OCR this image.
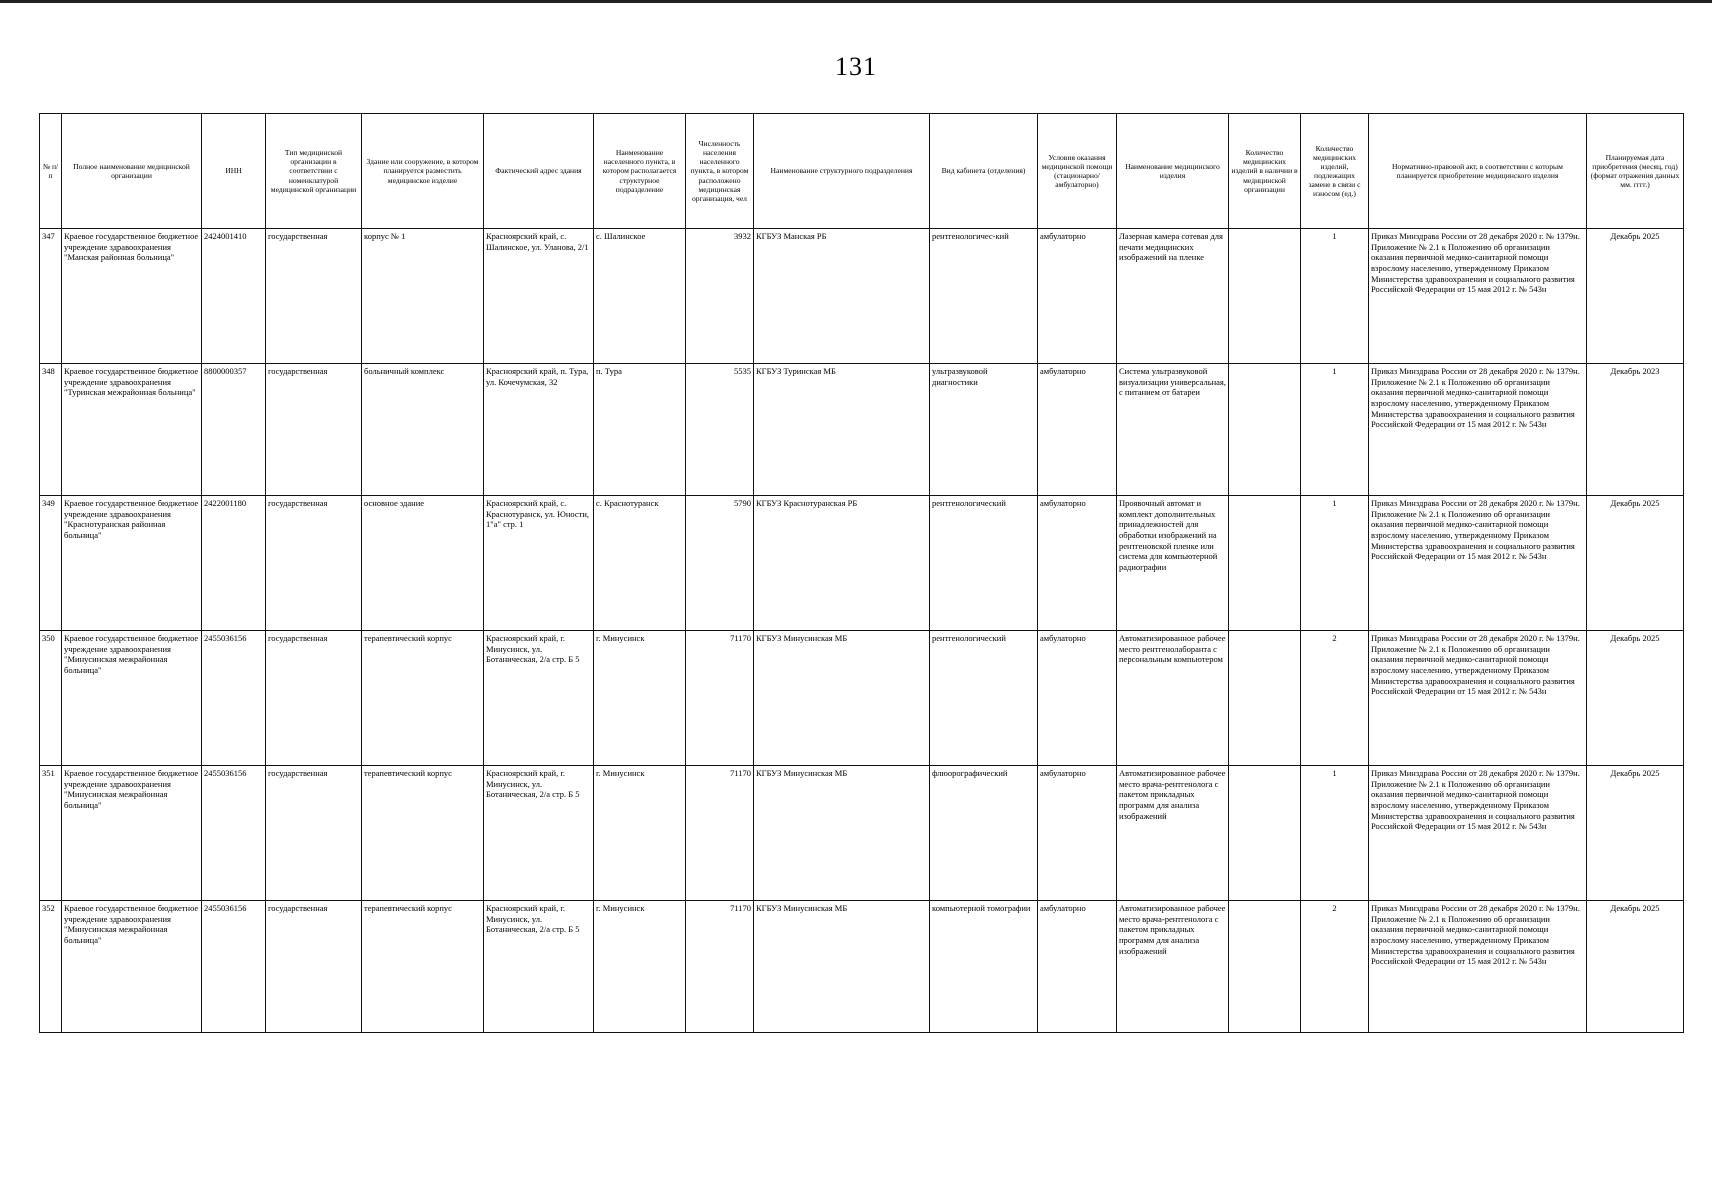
131
№ п/п	Полное наименование медицинской организации	ИНН	Тип медицинской организации в соответствии с номенклатурой медицинской организации	Здание или сооружение, в котором планируется разместить медицинское изделие	Фактический адрес здания	Наименование населенного пункта, в котором располагается структурное подразделение	Численность населения населенного пункта, в котором расположено медицинская организация, чел	Наименование структурного подразделения	Вид кабинета (отделения)	Условия оказания медицинской помощи (стационарно/амбулаторно)	Наименование медицинского изделия	Количество медицинских изделий в наличии в медицинской организации	Количество медицинских изделий, подлежащих замене в связи с износом (ед.)	Нормативно-правовой акт, в соответствии с которым планируется приобретение медицинского изделия	Планируемая дата приобретения (месяц, год) (формат отражения данных мм. гггг.)
347	Краевое государственное бюджетное учреждение здравоохранения "Манская районная больница"	2424001410	государственная	корпус № 1	Красноярский край, с. Шалинское, ул. Уланова, 2/1	с. Шалинское	3932	КГБУЗ Манская РБ	рентгенологичес-кий	амбулаторно	Лазерная камера сотевая для печати медицинских изображений на пленке		1	Приказ Минздрава России от 28 декабря 2020 г. № 1379н. Приложение № 2.1 к Положению об организации оказания первичной медико-санитарной помощи взрослому населению, утвержденному Приказом Министерства здравоохранения и социального развития Российской Федерации от 15 мая 2012 г. № 543н	Декабрь 2025
348	Краевое государственное бюджетное учреждение здравоохранения "Туринская межрайонная больница"	8800000357	государственная	больничный комплекс	Красноярский край, п. Тура, ул. Кочечумская, 32	п. Тура	5535	КГБУЗ Туринская МБ	ультразвуковой диагностики	амбулаторно	Система ультразвуковой визуализации универсальная, с питанием от батареи		1	Приказ Минздрава России от 28 декабря 2020 г. № 1379н. Приложение № 2.1 к Положению об организации оказания первичной медико-санитарной помощи взрослому населению, утвержденному Приказом Министерства здравоохранения и социального развития Российской Федерации от 15 мая 2012 г. № 543н	Декабрь 2023
349	Краевое государственное бюджетное учреждение здравоохранения "Краснотуранская районная больница"	2422001180	государственная	основное здание	Красноярский край, с. Краснотуранск, ул. Юности, 1"а" стр. 1	с. Краснотуранск	5790	КГБУЗ Краснотуранская РБ	рентгенологический	амбулаторно	Проявочный автомат и комплект дополнительных принадлежностей для обработки изображений на рентгеновской пленке или система для компьютерной радиографии		1	Приказ Минздрава России от 28 декабря 2020 г. № 1379н. Приложение № 2.1 к Положению об организации оказания первичной медико-санитарной помощи взрослому населению, утвержденному Приказом Министерства здравоохранения и социального развития Российской Федерации от 15 мая 2012 г. № 543н	Декабрь 2025
350	Краевое государственное бюджетное учреждение здравоохранения "Минусинская межрайонная больница"	2455036156	государственная	терапевтический корпус	Красноярский край, г. Минусинск, ул. Ботаническая, 2/а стр. Б 5	г. Минусинск	71170	КГБУЗ Минусинская МБ	рентгенологический	амбулаторно	Автоматизированное рабочее место рентгенолаборанта с персональным компьютером		2	Приказ Минздрава России от 28 декабря 2020 г. № 1379н. Приложение № 2.1 к Положению об организации оказания первичной медико-санитарной помощи взрослому населению, утвержденному Приказом Министерства здравоохранения и социального развития Российской Федерации от 15 мая 2012 г. № 543н	Декабрь 2025
351	Краевое государственное бюджетное учреждение здравоохранения "Минусинская межрайонная больница"	2455036156	государственная	терапевтический корпус	Красноярский край, г. Минусинск, ул. Ботаническая, 2/а стр. Б 5	г. Минусинск	71170	КГБУЗ Минусинская МБ	флюорографический	амбулаторно	Автоматизированное рабочее место врача-рентгенолога с пакетом прикладных программ для анализа изображений		1	Приказ Минздрава России от 28 декабря 2020 г. № 1379н. Приложение № 2.1 к Положению об организации оказания первичной медико-санитарной помощи взрослому населению, утвержденному Приказом Министерства здравоохранения и социального развития Российской Федерации от 15 мая 2012 г. № 543н	Декабрь 2025
352	Краевое государственное бюджетное учреждение здравоохранения "Минусинская межрайонная больница"	2455036156	государственная	терапевтический корпус	Красноярский край, г. Минусинск, ул. Ботаническая, 2/а стр. Б 5	г. Минусинск	71170	КГБУЗ Минусинская МБ	компьютерной томографии	амбулаторно	Автоматизированное рабочее место врача-рентгенолога с пакетом прикладных программ для анализа изображений		2	Приказ Минздрава России от 28 декабря 2020 г. № 1379н. Приложение № 2.1 к Положению об организации оказания первичной медико-санитарной помощи взрослому населению, утвержденному Приказом Министерства здравоохранения и социального развития Российской Федерации от 15 мая 2012 г. № 543н	Декабрь 2025
